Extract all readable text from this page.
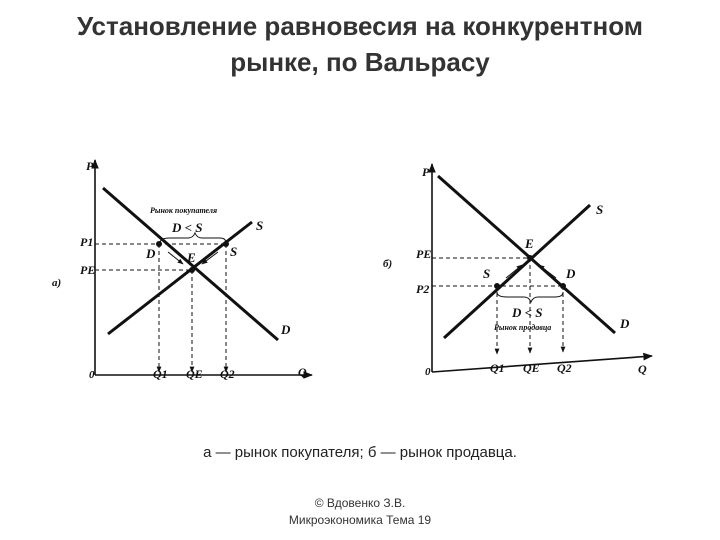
Установление равновесия на конкурентном
рынке, по Вальрасу
а)
P
Q
0
S
D
Рынок покупателя
D < S
P1
PE
Q1 QE Q2
D	S
E	б)
P
Q
0
S
D
PE
P2
D < S
Рынок продавца
Q1 QE Q2
S	D
E
а — рынок покупателя; б — рынок продавца.
© Вдовенко З.В.
Микроэкономика Тема 19
